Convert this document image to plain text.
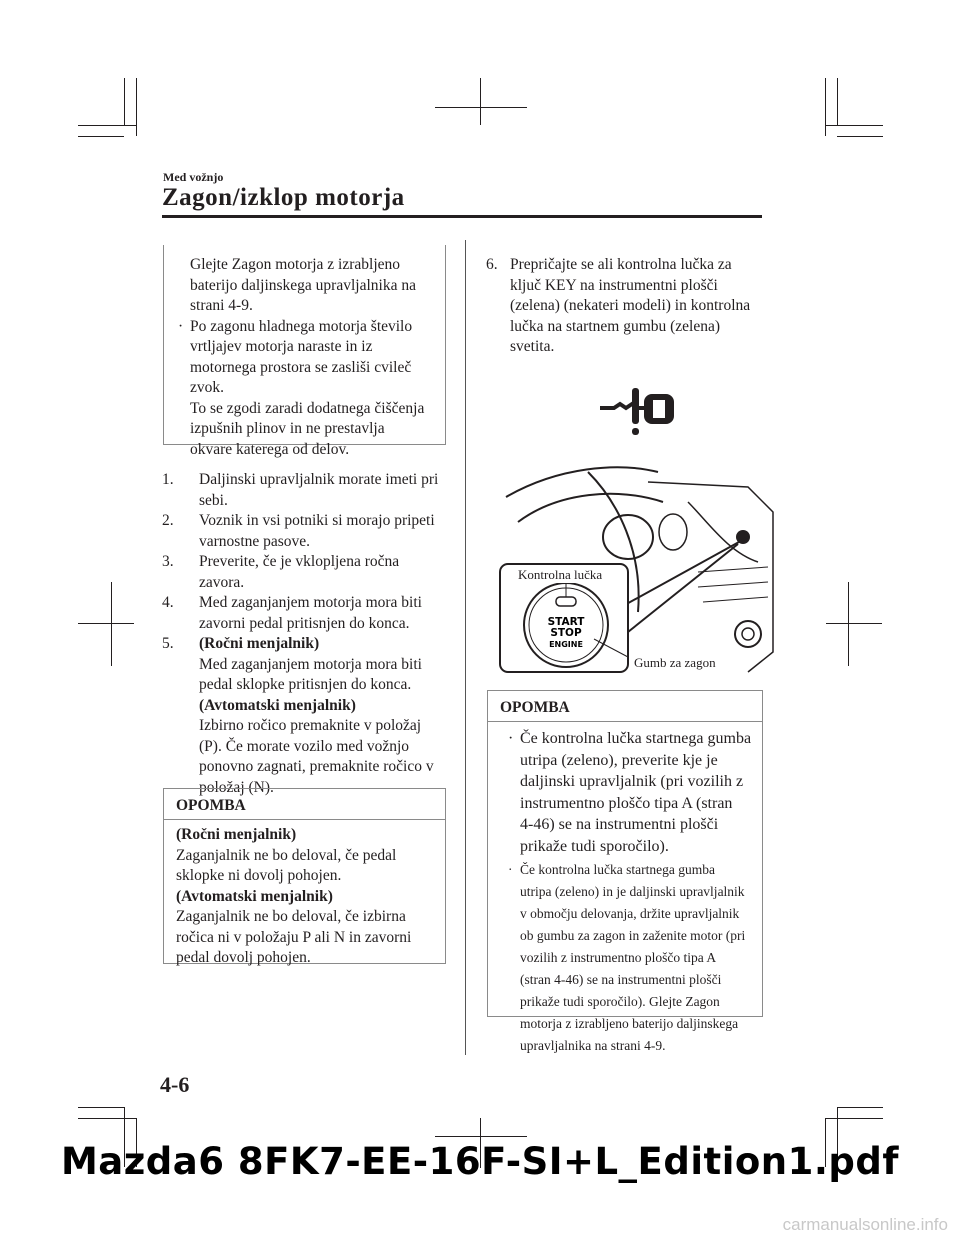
Med vožnjo
Zagon/izklop motorja
Glejte Zagon motorja z izrabljeno
baterijo daljinskega upravljalnika na
strani 4-9.
· Po zagonu hladnega motorja število
vrtljajev motorja naraste in iz
motornega prostora se zasliši cvileč
zvok.
To se zgodi zaradi dodatnega čiščenja
izpušnih plinov in ne prestavlja
okvare katerega od delov.
1. Daljinski upravljalnik morate imeti pri
sebi.
2. Voznik in vsi potniki si morajo pripeti
varnostne pasove.
3. Preverite, če je vklopljena ročna
zavora.
4. Med zaganjanjem motorja mora biti
zavorni pedal pritisnjen do konca.
5. (Ročni menjalnik)
Med zaganjanjem motorja mora biti
pedal sklopke pritisnjen do konca.
(Avtomatski menjalnik)
Izbirno ročico premaknite v položaj
(P). Če morate vozilo med vožnjo
ponovno zagnati, premaknite ročico v
položaj (N).
OPOMBA
(Ročni menjalnik)
Zaganjalnik ne bo deloval, če pedal
sklopke ni dovolj pohojen.
(Avtomatski menjalnik)
Zaganjalnik ne bo deloval, če izbirna
ročica ni v položaju P ali N in zavorni
pedal dovolj pohojen.
6. Prepričajte se ali kontrolna lučka za
ključ KEY na instrumentni plošči
(zelena) (nekateri modeli) in kontrolna
lučka na startnem gumbu (zelena)
svetita.
START
STOP
ENGINE
Kontrolna lučka
Gumb za zagon
OPOMBA
· Če kontrolna lučka startnega gumba
utripa (zeleno), preverite kje je
daljinski upravljalnik (pri vozilih z
instrumentno ploščo tipa A (stran
4-46) se na instrumentni plošči
prikaže tudi sporočilo).
· Če kontrolna lučka startnega gumba
utripa (zeleno) in je daljinski upravljalnik
v območju delovanja, držite upravljalnik
ob gumbu za zagon in zaženite motor (pri
vozilih z instrumentno ploščo tipa A
(stran 4-46) se na instrumentni plošči
prikaže tudi sporočilo). Glejte Zagon
motorja z izrabljeno baterijo daljinskega
upravljalnika na strani 4-9.
4-6
Mazda6 8FK7-EE-16F-SI+L_Edition1.pdf
carmanualsonline.info
